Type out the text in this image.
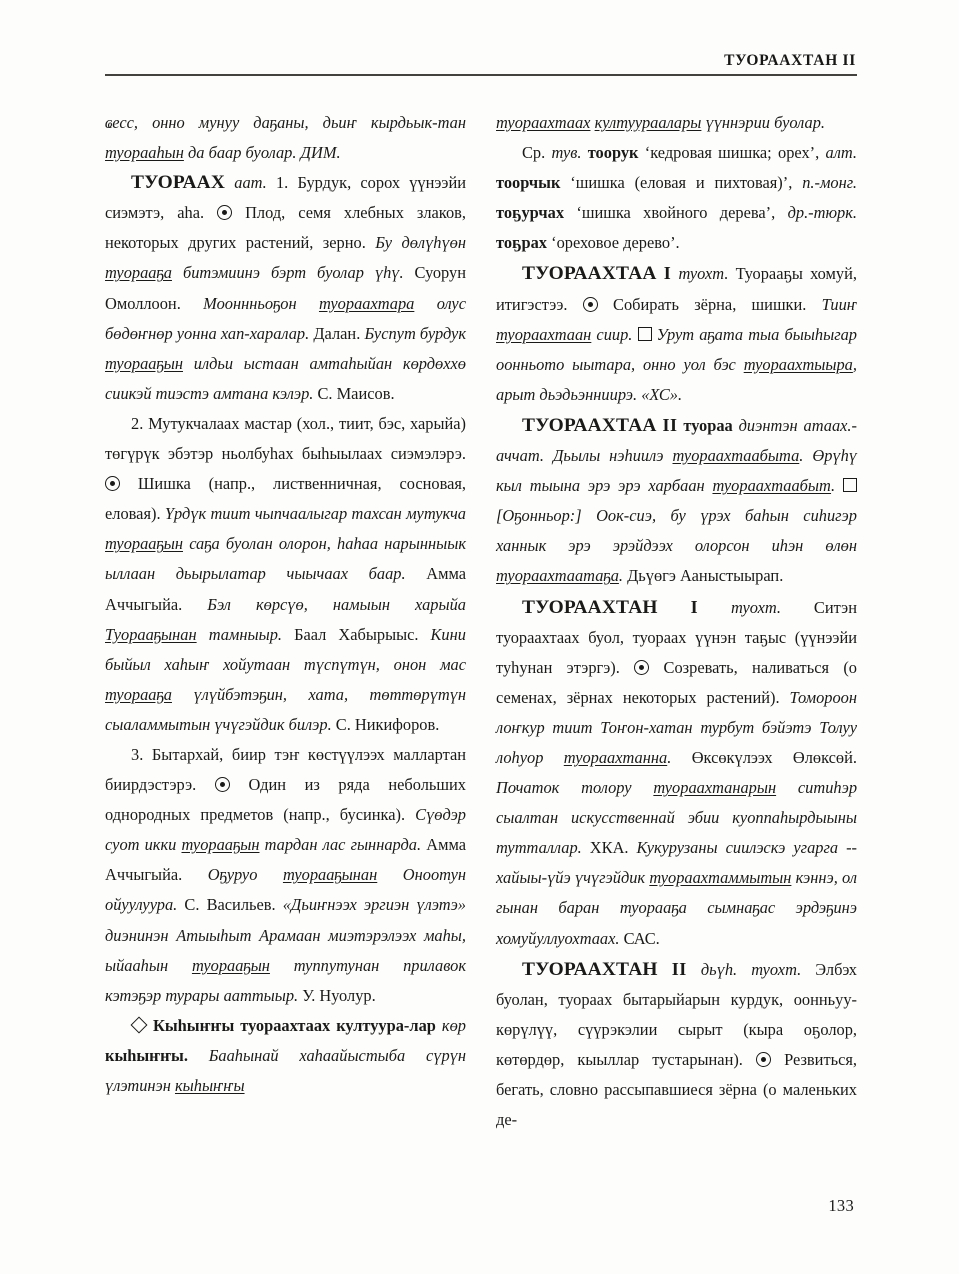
ТУОРААХТАН II

ҩесс, онно мунуу даҕаны, дьиҥ кырдьык-тан туорааһын да баар буолар. ДИМ.

ТУОРААХ аат. 1. Бурдук, сорох үүнээйи сиэмэтэ, аһа.	Плод, семя хлебных злаков, некоторых других растений, зерно. Бу дөлүһүөн туорааҕа битэмиинэ бэрт буолар үһү. Суорун Омоллоон. Мооннньоҕон туораахтара олус бөдөҥнөр уонна хап-харалар. Далан. Буспут бурдук туорааҕын илдьи ыстаан амтаһыйан көрдөххө сиикэй тиэстэ амтана кэлэр. С. Маисов.

2. Мутукчалаах мастар (хол., тиит, бэс, харыйа) төгүрүк эбэтэр ньолбуһах быһыылаах сиэмэлэрэ.  Шишка (напр., лиственничная, сосновая, еловая). Үрдүк тиит чыпчаалыгар тахсан мутукча туорааҕын саҕа буолан олорон, һаһаа нарынныык ыллаан дьырылатар чыычаах баар. Амма Аччыгыйа. Бэл көрсүө, намыын харыйа Туорааҕынан тамныыр. Баал Хабырыыс. Кини быйыл хаһыҥ хойутаан түспүтүн, онон мас туорааҕа үлүйбэтэҕин, хата, төттөрүтүн сыаламмытын үчүгэйдик билэр. С. Никифоров.

3. Бытархай, биир тэҥ көстүүлээх маллартан биирдэстэрэ.	Один из ряда небольших однородных предметов (напр., бусинка). Сүөдэр суот икки туорааҕын тардан лас гыннарда. Амма Аччыгыйа. Оҕуруо туорааҕынан Оноотун ойуулуура. С. Васильев. «Дьиҥнээх эргиэн үлэтэ» диэнинэн Атыыһыт Арамаан миэтэрэлээх маһы, ыйааһын туорааҕын туппутунан прилавок кэтэҕэр турары ааттыыр. У. Нуолур.

Кыһыҥҥы туораахтаах култуура-лар көр кыһыҥҥы. Бааһынай хаһаайыстыба сүрүн үлэтинэн кыһыҥҥы

туораахтаах култуураалары үүннэрии буолар.

Ср. тув. тоорук ‘кедровая шишка; орех’, алт. тоорчык ‘шишка (еловая и пихтовая)’, п.-монг. тоҕурчах ‘шишка хвойного дерева’, др.-тюрк. тоҕрах ‘ореховое дерево’.

ТУОРААХТАА I туохт. Туорааҕы хомуй, итигэстээ.	Собирать зёрна, шишки. Тииҥ туораахтаан сиир. Урут аҕата тыа быыһыгар оонньото ыытара, онно уол бэс туораахтыыра, арыт дьэдьэнниирэ. «ХС».

ТУОРААХТАА II туораа диэнтэн атаах.-аччат. Дьылы нэһиилэ туораахтаабыта. Өрүһү кыл тыына эрэ эрэ харбаан туораахтаабыт.  [Оҕонньор:] Оок-сиэ, бу үрэх баһын сиһигэр ханнык эрэ эрэйдээх олорсон иһэн өлөн туораахтаатаҕа. Дьүөгэ Ааныстыырап.

ТУОРААХТАН I туохт. Ситэн туораахтаах буол, туораах үүнэн таҕыс (үүнээйи туһунан этэргэ).	Созревать, наливаться (о семенах, зёрнах некоторых растений). Томороон лоҥкур тиит Тоҥон-хатан турбут бэйэтэ Толуу лоһуор туораахтанна. Өксөкүлээх Өлөксөй. Початок толору туораахтанарын ситиһэр сыалтан искусственнай эбии куоппаһырдыыны тутталлар. ХКА. Кукурузаны сиилэскэ угарга -- хайыы-үйэ үчүгэйдик туораахтаммытын кэннэ, ол гынан баран туорааҕа сымнаҕас эрдэҕинэ хомуйуллуохтаах. САС.

ТУОРААХТАН II дьүһ. туохт. Элбэх буолан, туораах бытарыйарын курдук, оонньуу-көрүлүү, сүүрэкэлии сырыт (кыра оҕолор, көтөрдөр, кыыллар тустарынан).	Резвиться, бегать, словно рассыпавшиеся зёрна (о маленьких де-

133
